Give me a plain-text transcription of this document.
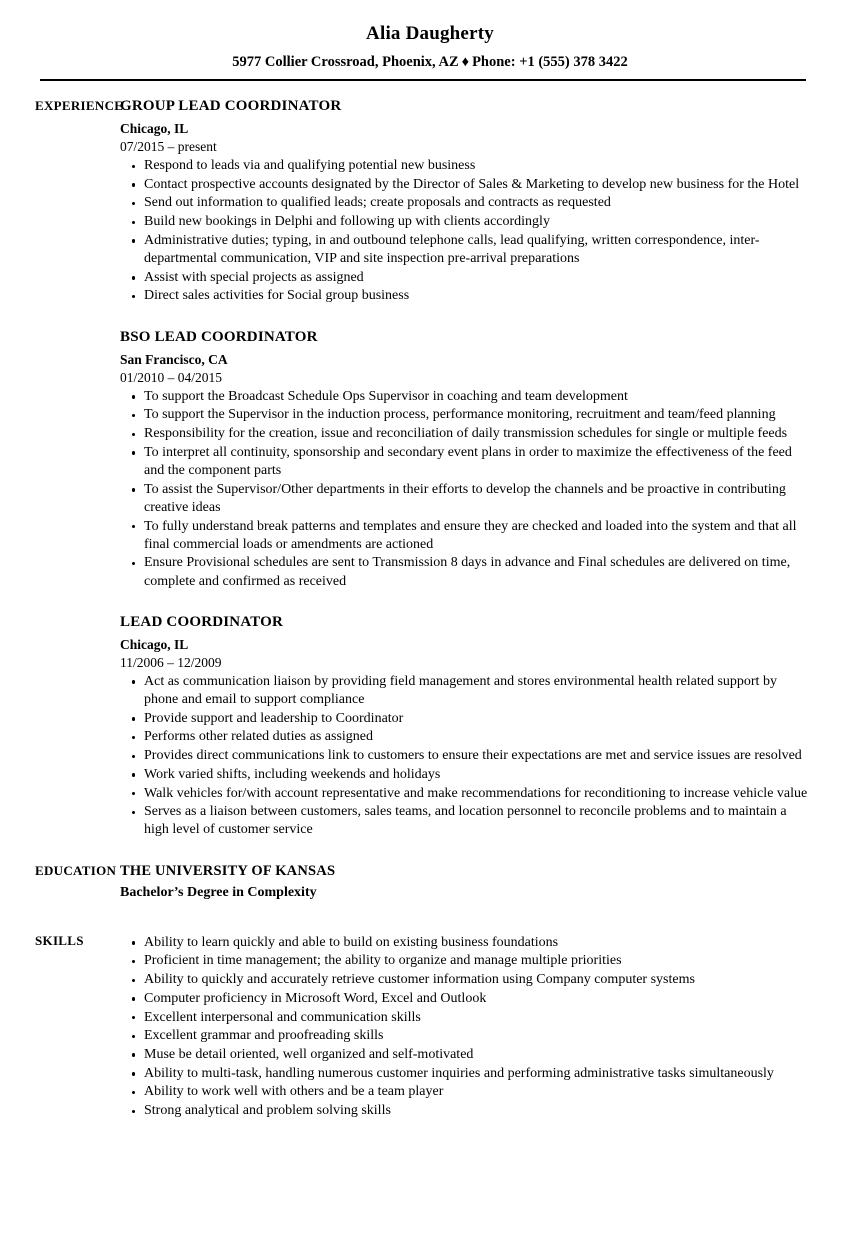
Alia Daugherty
5977 Collier Crossroad, Phoenix, AZ ♦ Phone: +1 (555) 378 3422
EXPERIENCE
GROUP LEAD COORDINATOR
Chicago, IL
07/2015 – present
Respond to leads via and qualifying potential new business
Contact prospective accounts designated by the Director of Sales & Marketing to develop new business for the Hotel
Send out information to qualified leads; create proposals and contracts as requested
Build new bookings in Delphi and following up with clients accordingly
Administrative duties; typing, in and outbound telephone calls, lead qualifying, written correspondence, inter-departmental communication, VIP and site inspection pre-arrival preparations
Assist with special projects as assigned
Direct sales activities for Social group business
BSO LEAD COORDINATOR
San Francisco, CA
01/2010 – 04/2015
To support the Broadcast Schedule Ops Supervisor in coaching and team development
To support the Supervisor in the induction process, performance monitoring, recruitment and team/feed planning
Responsibility for the creation, issue and reconciliation of daily transmission schedules for single or multiple feeds
To interpret all continuity, sponsorship and secondary event plans in order to maximize the effectiveness of the feed and the component parts
To assist the Supervisor/Other departments in their efforts to develop the channels and be proactive in contributing creative ideas
To fully understand break patterns and templates and ensure they are checked and loaded into the system and that all final commercial loads or amendments are actioned
Ensure Provisional schedules are sent to Transmission 8 days in advance and Final schedules are delivered on time, complete and confirmed as received
LEAD COORDINATOR
Chicago, IL
11/2006 – 12/2009
Act as communication liaison by providing field management and stores environmental health related support by phone and email to support compliance
Provide support and leadership to Coordinator
Performs other related duties as assigned
Provides direct communications link to customers to ensure their expectations are met and service issues are resolved
Work varied shifts, including weekends and holidays
Walk vehicles for/with account representative and make recommendations for reconditioning to increase vehicle value
Serves as a liaison between customers, sales teams, and location personnel to reconcile problems and to maintain a high level of customer service
EDUCATION THE UNIVERSITY OF KANSAS
Bachelor’s Degree in Complexity
SKILLS	Ability to learn quickly and able to build on existing business foundations
Proficient in time management; the ability to organize and manage multiple priorities
Ability to quickly and accurately retrieve customer information using Company computer systems
Computer proficiency in Microsoft Word, Excel and Outlook
Excellent interpersonal and communication skills
Excellent grammar and proofreading skills
Muse be detail oriented, well organized and self-motivated
Ability to multi-task, handling numerous customer inquiries and performing administrative tasks simultaneously
Ability to work well with others and be a team player
Strong analytical and problem solving skills
